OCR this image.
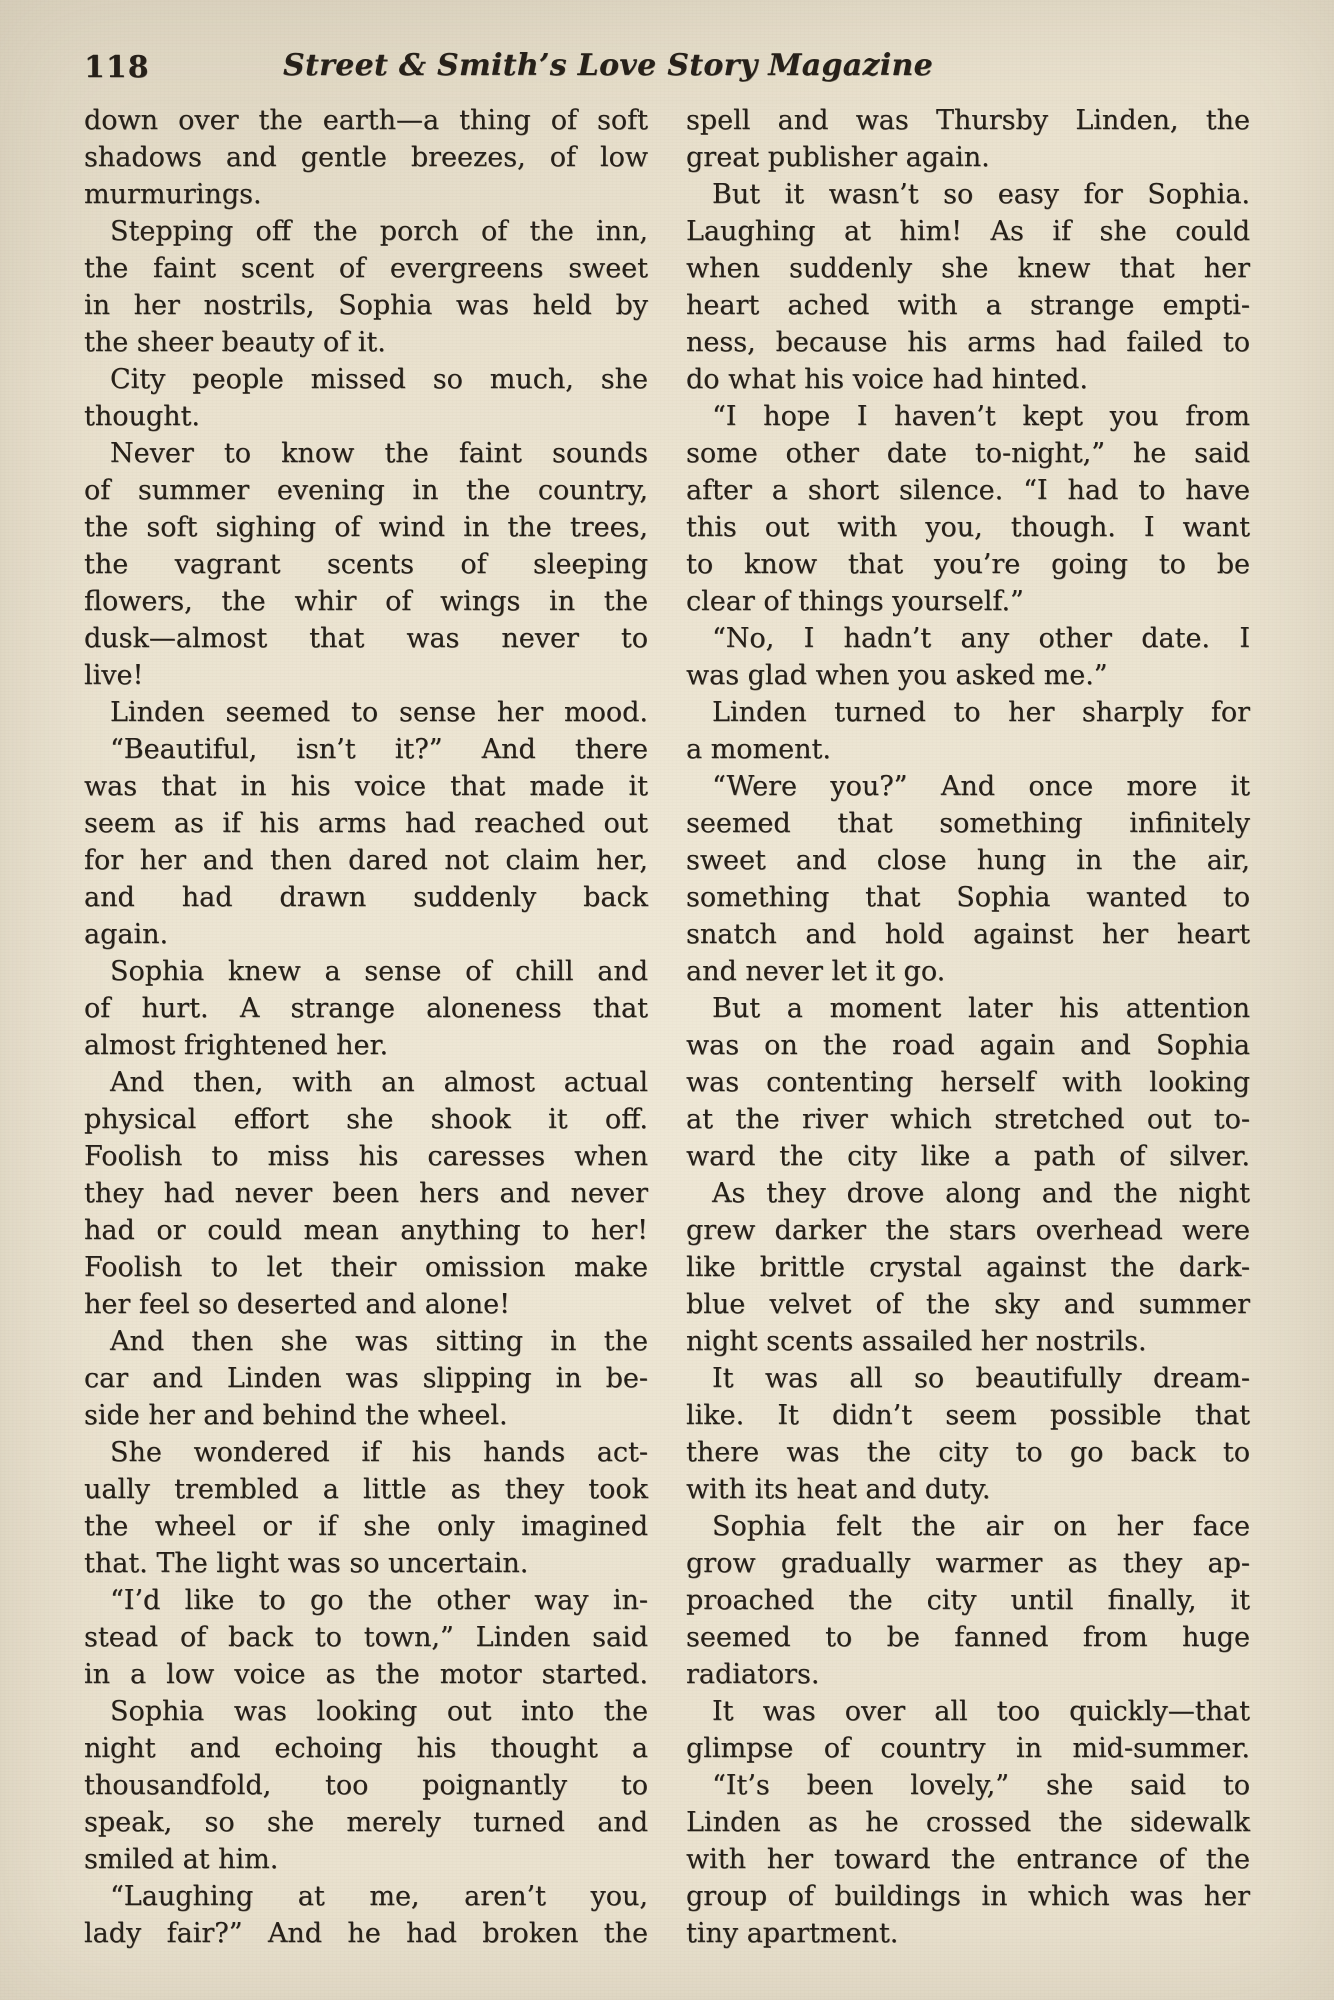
118	Street & Smith’s Love Story Magazine

down over the earth—a thing of soft
shadows and gentle breezes, of low
murmurings.

Stepping off the porch of the inn,
the faint scent of evergreens sweet
in her nostrils, Sophia was held by
the sheer beauty of it.

City people missed so much, she
thought.

Never to know the faint sounds
of summer evening in the country,
the soft sighing of wind in the trees,
the vagrant scents of sleeping
flowers, the whir of wings in the
dusk—almost that was never to
live!

Linden seemed to sense her mood.

“Beautiful, isn’t it?” And there
was that in his voice that made it
seem as if his arms had reached out
for her and then dared not claim her,
and had drawn suddenly back
again.

Sophia knew a sense of chill and
of hurt. A strange aloneness that
almost frightened her.

And then, with an almost actual
physical effort she shook it off.
Foolish to miss his caresses when
they had never been hers and never
had or could mean anything to her!
Foolish to let their omission make
her feel so deserted and alone!

And then she was sitting in the
car and Linden was slipping in be-
side her and behind the wheel.

She wondered if his hands act-
ually trembled a little as they took
the wheel or if she only imagined
that. The light was so uncertain.

“I’d like to go the other way in-
stead of back to town,” Linden said
in a low voice as the motor started.

Sophia was looking out into the
night and echoing his thought a
thousandfold, too poignantly to
speak, so she merely turned and
smiled at him.

“Laughing at me, aren’t you,
lady fair?” And he had broken the

spell and was Thursby Linden, the
great publisher again.

But it wasn’t so easy for Sophia.
Laughing at him! As if she could
when suddenly she knew that her
heart ached with a strange empti-
ness, because his arms had failed to
do what his voice had hinted.

“I hope I haven’t kept you from
some other date to-night,” he said
after a short silence. “I had to have
this out with you, though. I want
to know that you’re going to be
clear of things yourself.”

“No, I hadn’t any other date. I
was glad when you asked me.”

Linden turned to her sharply for
a moment.

“Were you?” And once more it
seemed that something infinitely
sweet and close hung in the air,
something that Sophia wanted to
snatch and hold against her heart
and never let it go.

But a moment later his attention
was on the road again and Sophia
was contenting herself with looking
at the river which stretched out to-
ward the city like a path of silver.

As they drove along and the night
grew darker the stars overhead were
like brittle crystal against the dark-
blue velvet of the sky and summer
night scents assailed her nostrils.

It was all so beautifully dream-
like. It didn’t seem possible that
there was the city to go back to
with its heat and duty.

Sophia felt the air on her face
grow gradually warmer as they ap-
proached the city until finally, it
seemed to be fanned from huge
radiators.

It was over all too quickly—that
glimpse of country in mid-summer.

“It’s been lovely,” she said to
Linden as he crossed the sidewalk
with her toward the entrance of the
group of buildings in which was her
tiny apartment.
